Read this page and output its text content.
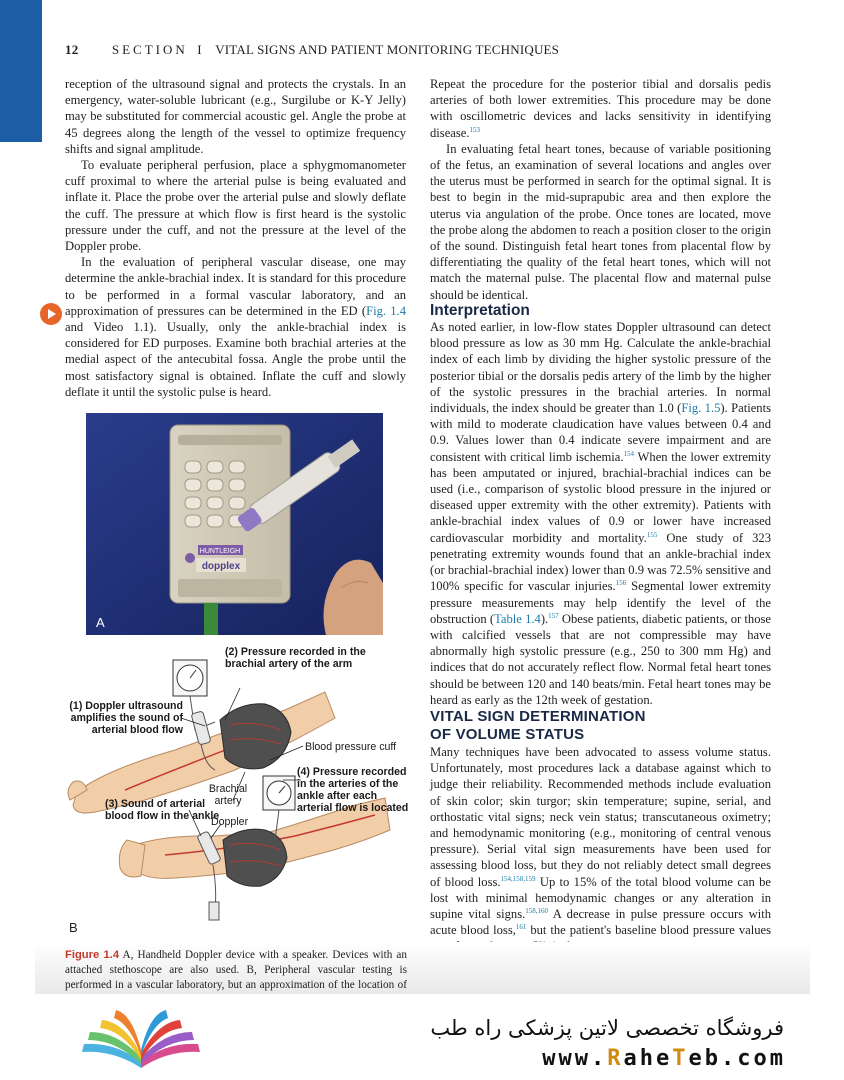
12	SECTION I VITAL SIGNS AND PATIENT MONITORING TECHNIQUES

reception of the ultrasound signal and protects the crystals. In an emergency, water-soluble lubricant (e.g., Surgilube or K-Y Jelly) may be substituted for commercial acoustic gel. Angle the probe at 45 degrees along the length of the vessel to optimize frequency shifts and signal amplitude.

To evaluate peripheral perfusion, place a sphygmomanometer cuff proximal to where the arterial pulse is being evaluated and inflate it. Place the probe over the arterial pulse and slowly deflate the cuff. The pressure at which flow is first heard is the systolic pressure under the cuff, and not the pressure at the level of the Doppler probe.

In the evaluation of peripheral vascular disease, one may determine the ankle-brachial index. It is standard for this procedure to be performed in a formal vascular laboratory, and an approximation of pressures can be determined in the ED (Fig. 1.4 and Video 1.1). Usually, only the ankle-brachial index is considered for ED purposes. Examine both brachial arteries at the medial aspect of the antecubital fossa. Angle the probe until the most satisfactory signal is obtained. Inflate the cuff and slowly deflate it until the systolic pulse is heard.

HUNTLEIGH
dopplex
A
(2) Pressure recorded in the brachial artery of the arm
(1) Doppler ultrasound amplifies the sound of arterial blood flow
Blood pressure cuff
Brachial artery
(4) Pressure recorded in the arteries of the ankle after each arterial flow is located
(3) Sound of arterial blood flow in the ankle
Doppler
B

Repeat the procedure for the posterior tibial and dorsalis pedis arteries of both lower extremities. This procedure may be done with oscillometric devices and lacks sensitivity in identifying disease.$^{153}$

In evaluating fetal heart tones, because of variable positioning of the fetus, an examination of several locations and angles over the uterus must be performed in search for the optimal signal. It is best to begin in the mid-suprapubic area and then explore the uterus via angulation of the probe. Once tones are located, move the probe along the abdomen to reach a position closer to the origin of the sound. Distinguish fetal heart tones from placental flow by differentiating the quality of the fetal heart tones, which will not match the maternal pulse. The placental flow and maternal pulse should be identical.

Interpretation

As noted earlier, in low-flow states Doppler ultrasound can detect blood pressure as low as 30 mm Hg. Calculate the ankle-brachial index of each limb by dividing the higher systolic pressure of the posterior tibial or the dorsalis pedis artery of the limb by the higher of the systolic pressures in the brachial arteries. In normal individuals, the index should be greater than 1.0 (Fig. 1.5). Patients with mild to moderate claudication have values between 0.4 and 0.9. Values lower than 0.4 indicate severe impairment and are consistent with critical limb ischemia.$^{154}$ When the lower extremity has been amputated or injured, brachial-brachial indices can be used (i.e., comparison of systolic blood pressure in the injured or diseased upper extremity with the other extremity). Patients with ankle-brachial index values of 0.9 or lower have increased cardiovascular morbidity and mortality.$^{155}$ One study of 323 penetrating extremity wounds found that an ankle-brachial index (or brachial-brachial index) lower than 0.9 was 72.5% sensitive and 100% specific for vascular injuries.$^{156}$ Segmental lower extremity pressure measurements may help identify the level of the obstruction (Table 1.4).$^{157}$ Obese patients, diabetic patients, or those with calcified vessels that are not compressible may have abnormally high systolic pressure (e.g., 250 to 300 mm Hg) and indices that do not accurately reflect flow. Normal fetal heart tones should be between 120 and 140 beats/min. Fetal heart tones may be heard as early as the 12th week of gestation.

VITAL SIGN DETERMINATION
OF VOLUME STATUS

Many techniques have been advocated to assess volume status. Unfortunately, most procedures lack a database against which to judge their reliability. Recommended methods include evaluation of skin color; skin turgor; skin temperature; supine, serial, and orthostatic vital signs; neck vein status; transcutaneous oximetry; and hemodynamic monitoring (e.g., monitoring of central venous pressure). Serial vital sign measurements have been used for assessing blood loss, but they do not reliably detect small degrees of blood loss.$^{154,158,159}$ Up to 15% of the total blood volume can be lost with minimal hemodynamic changes or any alteration in supine vital signs.$^{158,160}$ A decrease in pulse pressure occurs with acute blood loss,$^{161}$ but the patient's baseline blood pressure values

Figure 1.4 A, Handheld Doppler device with a speaker. Devices with an attached stethoscope are also used. B, Peripheral vascular testing is performed in a vascular laboratory, but an approximation of the location of
فروشگاه تخصصی لاتین پزشکی راه طب
www.RaheTeb.com
